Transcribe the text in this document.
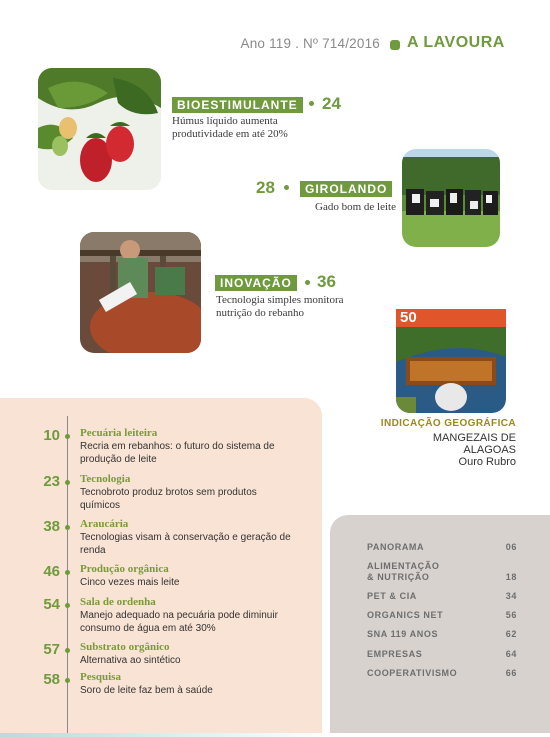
Ano 119 . Nº 714/2016 A LAVOURA
BIOESTIMULANTE 24
Húmus líquido aumenta produtividade em até 20%
28	GIROLANDO
Gado bom de leite
INOVAÇÃO 36
Tecnologia simples monitora nutrição do rebanho	50
INDICAÇÃO GEOGRÁFICA
MANGEZAIS DE
ALAGOAS
Ouro Rubro
10 Pecuária leiteira
Recria em rebanhos: o futuro do sistema de produção de leite
23 Tecnologia
Tecnobroto produz brotos sem produtos químicos
38 Araucária
Tecnologias visam à conservação e geração de renda
46 Produção orgânica
Cinco vezes mais leite
54 Sala de ordenha
Manejo adequado na pecuária pode diminuir consumo de água em até 30%
57 Substrato orgânico
Alternativa ao sintético
58 Pesquisa
Soro de leite faz bem à saúde
PANORAMA	06
ALIMENTAÇÃO & NUTRIÇÃO	18
PET & CIA	34
ORGANICS NET	56
SNA 119 ANOS	62
EMPRESAS	64
COOPERATIVISMO	66
